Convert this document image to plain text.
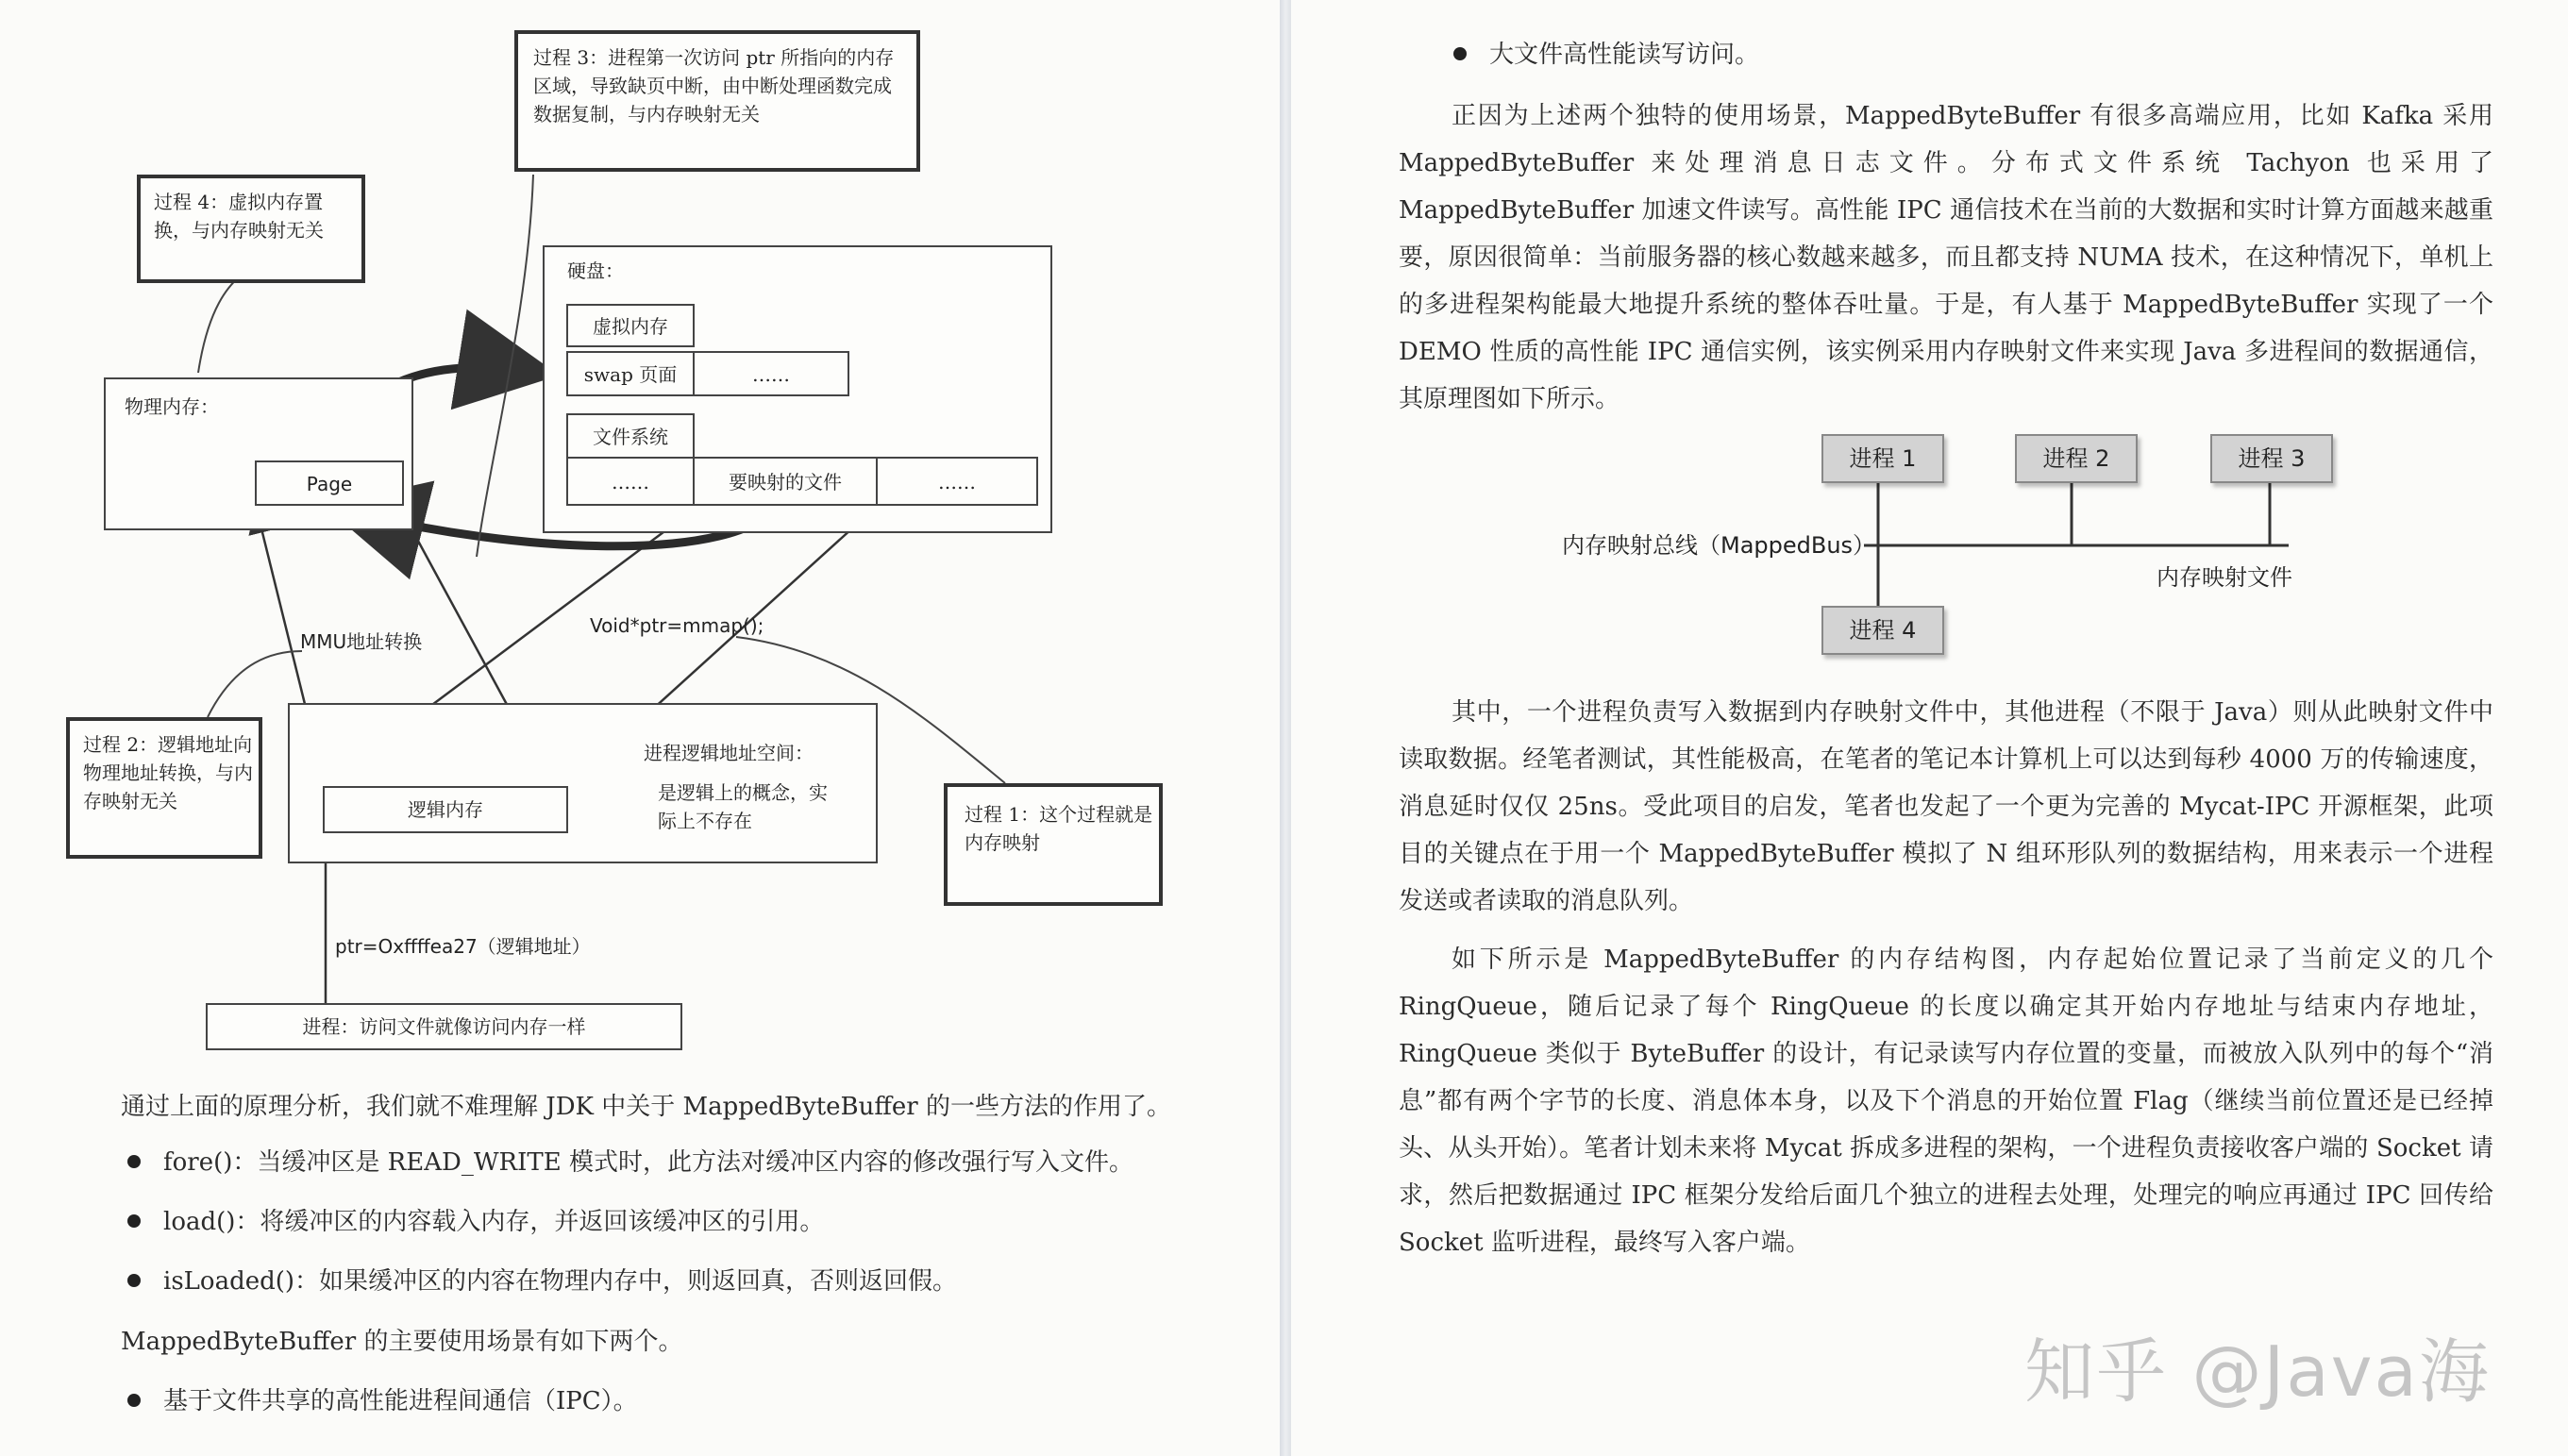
过程 3：进程第一次访问 ptr 所指向的内存区域，导致缺页中断，由中断处理函数完成数据复制，与内存映射无关
过程 4：虚拟内存置换，与内存映射无关
物理内存：
Page
硬盘：
虚拟内存
swap 页面	……
文件系统
……	要映射的文件	……
MMU地址转换
Void*ptr=mmap();
过程 2：逻辑地址向物理地址转换，与内存映射无关
进程逻辑地址空间：
是逻辑上的概念，实际上不存在
逻辑内存	过程 1：这个过程就是内存映射
ptr=Oxffffea27（逻辑地址）
进程：访问文件就像访问内存一样
通过上面的原理分析，我们就不难理解 JDK 中关于 MappedByteBuffer 的一些方法的作用了。
fore()：当缓冲区是 READ_WRITE 模式时，此方法对缓冲区内容的修改强行写入文件。
load()：将缓冲区的内容载入内存，并返回该缓冲区的引用。
isLoaded()：如果缓冲区的内容在物理内存中，则返回真，否则返回假。
MappedByteBuffer 的主要使用场景有如下两个。
基于文件共享的高性能进程间通信（IPC）。
大文件高性能读写访问。
正因为上述两个独特的使用场景，MappedByteBuffer 有很多高端应用，比如 Kafka 采用 MappedByteBuffer 来处理消息日志文件。分布式文件系统 Tachyon 也采用了 MappedByteBuffer 加速文件读写。高性能 IPC 通信技术在当前的大数据和实时计算方面越来越重要，原因很简单：当前服务器的核心数越来越多，而且都支持 NUMA 技术，在这种情况下，单机上的多进程架构能最大地提升系统的整体吞吐量。于是，有人基于 MappedByteBuffer 实现了一个 DEMO 性质的高性能 IPC 通信实例，该实例采用内存映射文件来实现 Java 多进程间的数据通信，其原理图如下所示。
进程 1	进程 2	进程 3
进程 4
内存映射总线（MappedBus）
内存映射文件
其中，一个进程负责写入数据到内存映射文件中，其他进程（不限于 Java）则从此映射文件中读取数据。经笔者测试，其性能极高，在笔者的笔记本计算机上可以达到每秒 4000 万的传输速度，消息延时仅仅 25ns。受此项目的启发，笔者也发起了一个更为完善的 Mycat-IPC 开源框架，此项目的关键点在于用一个 MappedByteBuffer 模拟了 N 组环形队列的数据结构，用来表示一个进程发送或者读取的消息队列。
如下所示是 MappedByteBuffer 的内存结构图，内存起始位置记录了当前定义的几个 RingQueue，随后记录了每个 RingQueue 的长度以确定其开始内存地址与结束内存地址，RingQueue 类似于 ByteBuffer 的设计，有记录读写内存位置的变量，而被放入队列中的每个“消息”都有两个字节的长度、消息体本身，以及下个消息的开始位置 Flag（继续当前位置还是已经掉头、从头开始）。笔者计划未来将 Mycat 拆成多进程的架构，一个进程负责接收客户端的 Socket 请求，然后把数据通过 IPC 框架分发给后面几个独立的进程去处理，处理完的响应再通过 IPC 回传给 Socket 监听进程，最终写入客户端。
知乎 @Java海
